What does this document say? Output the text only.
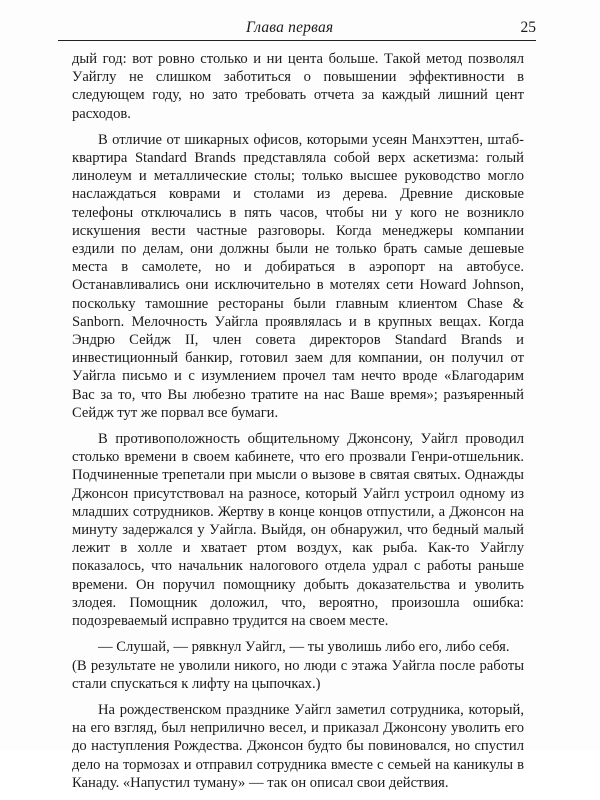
Глава первая	25

дый год: вот ровно столько и ни цента больше. Такой метод позволял Уайглу не слишком заботиться о повышении эффективности в следующем году, но зато требовать отчета за каждый лишний цент расходов.

В отличие от шикарных офисов, которыми усеян Манхэттен, штаб-квартира Standard Brands представляла собой верх аскетизма: голый линолеум и металлические столы; только высшее руководство могло наслаждаться коврами и столами из дерева. Древние дисковые телефоны отключались в пять часов, чтобы ни у кого не возникло искушения вести частные разговоры. Когда менеджеры компании ездили по делам, они должны были не только брать самые дешевые места в самолете, но и добираться в аэропорт на автобусе. Останавливались они исключительно в мотелях сети Howard Johnson, поскольку тамошние рестораны были главным клиентом Chase & Sanborn. Мелочность Уайгла проявлялась и в крупных вещах. Когда Эндрю Сейдж II, член совета директоров Standard Brands и инвестиционный банкир, готовил заем для компании, он получил от Уайгла письмо и с изумлением прочел там нечто вроде «Благодарим Вас за то, что Вы любезно тратите на нас Ваше время»; разъяренный Сейдж тут же порвал все бумаги.

В противоположность общительному Джонсону, Уайгл проводил столько времени в своем кабинете, что его прозвали Генри-отшельник. Подчиненные трепетали при мысли о вызове в святая святых. Однажды Джонсон присутствовал на разносе, который Уайгл устроил одному из младших сотрудников. Жертву в конце концов отпустили, а Джонсон на минуту задержался у Уайгла. Выйдя, он обнаружил, что бедный малый лежит в холле и хватает ртом воздух, как рыба. Как-то Уайглу показалось, что начальник налогового отдела удрал с работы раньше времени. Он поручил помощнику добыть доказательства и уволить злодея. Помощник доложил, что, вероятно, произошла ошибка: подозреваемый исправно трудится на своем месте.

— Слушай, — рявкнул Уайгл, — ты уволишь либо его, либо себя.

(В результате не уволили никого, но люди с этажа Уайгла после работы стали спускаться к лифту на цыпочках.)

На рождественском празднике Уайгл заметил сотрудника, который, на его взгляд, был неприлично весел, и приказал Джонсону уволить его до наступления Рождества. Джонсон будто бы повиновался, но спустил дело на тормозах и отправил сотрудника вместе с семьей на каникулы в Канаду. «Напустил туману» — так он описал свои действия.
